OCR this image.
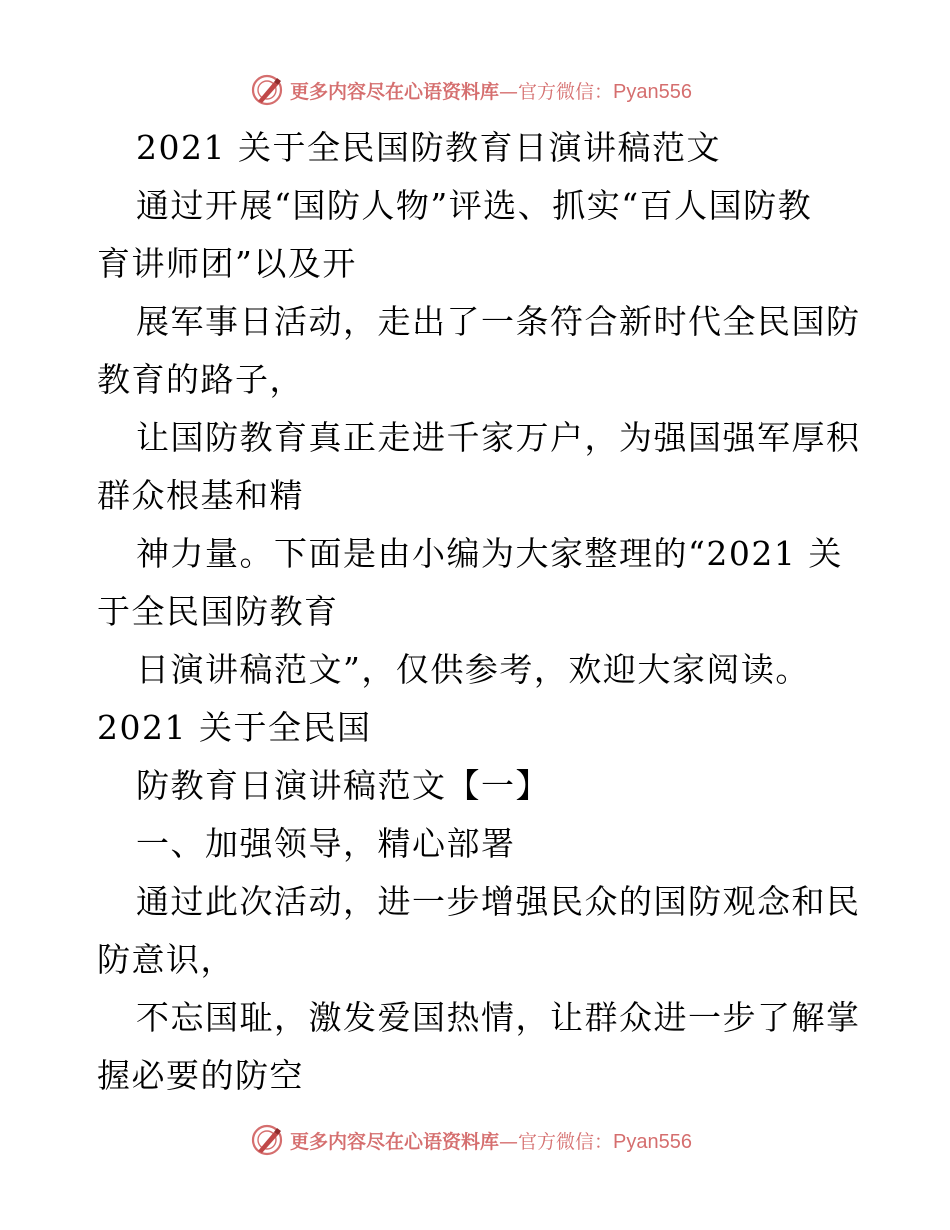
更多内容尽在心语资料库 — 官方微信： Pyan556
2021 关于全民国防教育日演讲稿范文
通过开展“国防人物”评选、抓实“百人国防教
育讲师团”以及开
展军事日活动，走出了一条符合新时代全民国防
教育的路子，
让国防教育真正走进千家万户，为强国强军厚积
群众根基和精
神力量。下面是由小编为大家整理的“2021 关
于全民国防教育
日演讲稿范文”，仅供参考，欢迎大家阅读。
2021 关于全民国
防教育日演讲稿范文【一】
一、加强领导，精心部署
通过此次活动，进一步增强民众的国防观念和民
防意识，
不忘国耻，激发爱国热情，让群众进一步了解掌
握必要的防空
更多内容尽在心语资料库 — 官方微信： Pyan556
